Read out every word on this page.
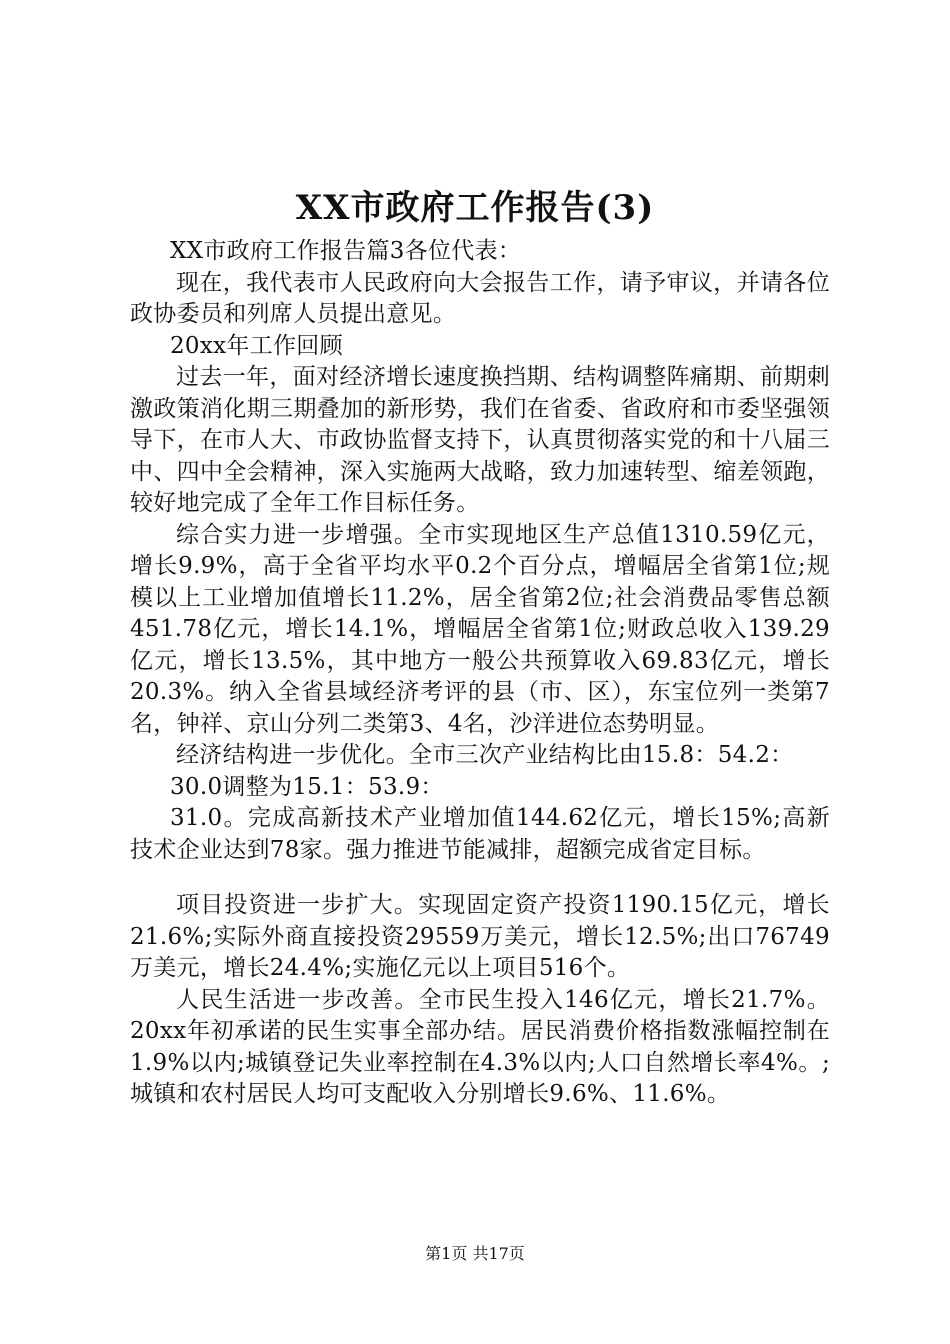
XX市政府工作报告(3)

XX市政府工作报告篇3各位代表：

现在，我代表市人民政府向大会报告工作，请予审议，并请各位政协委员和列席人员提出意见。

20xx年工作回顾

过去一年，面对经济增长速度换挡期、结构调整阵痛期、前期刺激政策消化期三期叠加的新形势，我们在省委、省政府和市委坚强领导下，在市人大、市政协监督支持下，认真贯彻落实党的和十八届三中、四中全会精神，深入实施两大战略，致力加速转型、缩差领跑，较好地完成了全年工作目标任务。

综合实力进一步增强。全市实现地区生产总值1310.59亿元，增长9.9%，高于全省平均水平0.2个百分点，增幅居全省第1位;规模以上工业增加值增长11.2%，居全省第2位;社会消费品零售总额451.78亿元，增长14.1%，增幅居全省第1位;财政总收入139.29亿元，增长13.5%，其中地方一般公共预算收入69.83亿元，增长20.3%。纳入全省县域经济考评的县（市、区），东宝位列一类第7名，钟祥、京山分列二类第3、4名，沙洋进位态势明显。

经济结构进一步优化。全市三次产业结构比由15.8：54.2：

30.0调整为15.1：53.9：

31.0。完成高新技术产业增加值144.62亿元，增长15%;高新技术企业达到78家。强力推进节能减排，超额完成省定目标。

项目投资进一步扩大。实现固定资产投资1190.15亿元，增长21.6%;实际外商直接投资29559万美元，增长12.5%;出口76749万美元，增长24.4%;实施亿元以上项目516个。

人民生活进一步改善。全市民生投入146亿元，增长21.7%。20xx年初承诺的民生实事全部办结。居民消费价格指数涨幅控制在1.9%以内;城镇登记失业率控制在4.3%以内;人口自然增长率4%。;城镇和农村居民人均可支配收入分别增长9.6%、11.6%。

第1页 共17页
